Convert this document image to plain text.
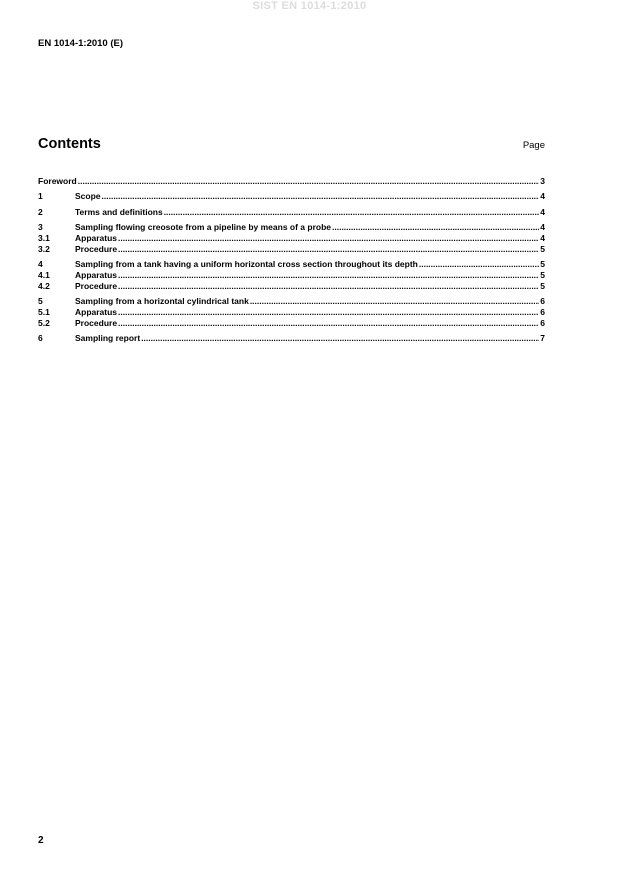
SIST EN 1014-1:2010
EN 1014-1:2010 (E)
Contents	Page
Foreword .....	3
1	Scope .....	4
2	Terms and definitions .....	4
3	Sampling flowing creosote from a pipeline by means of a probe .....	4
3.1	Apparatus .....	4
3.2	Procedure .....	5
4	Sampling from a tank having a uniform horizontal cross section throughout its depth .....	5
4.1	Apparatus .....	5
4.2	Procedure .....	5
5	Sampling from a horizontal cylindrical tank .....	6
5.1	Apparatus .....	6
5.2	Procedure .....	6
6	Sampling report .....	7
2
